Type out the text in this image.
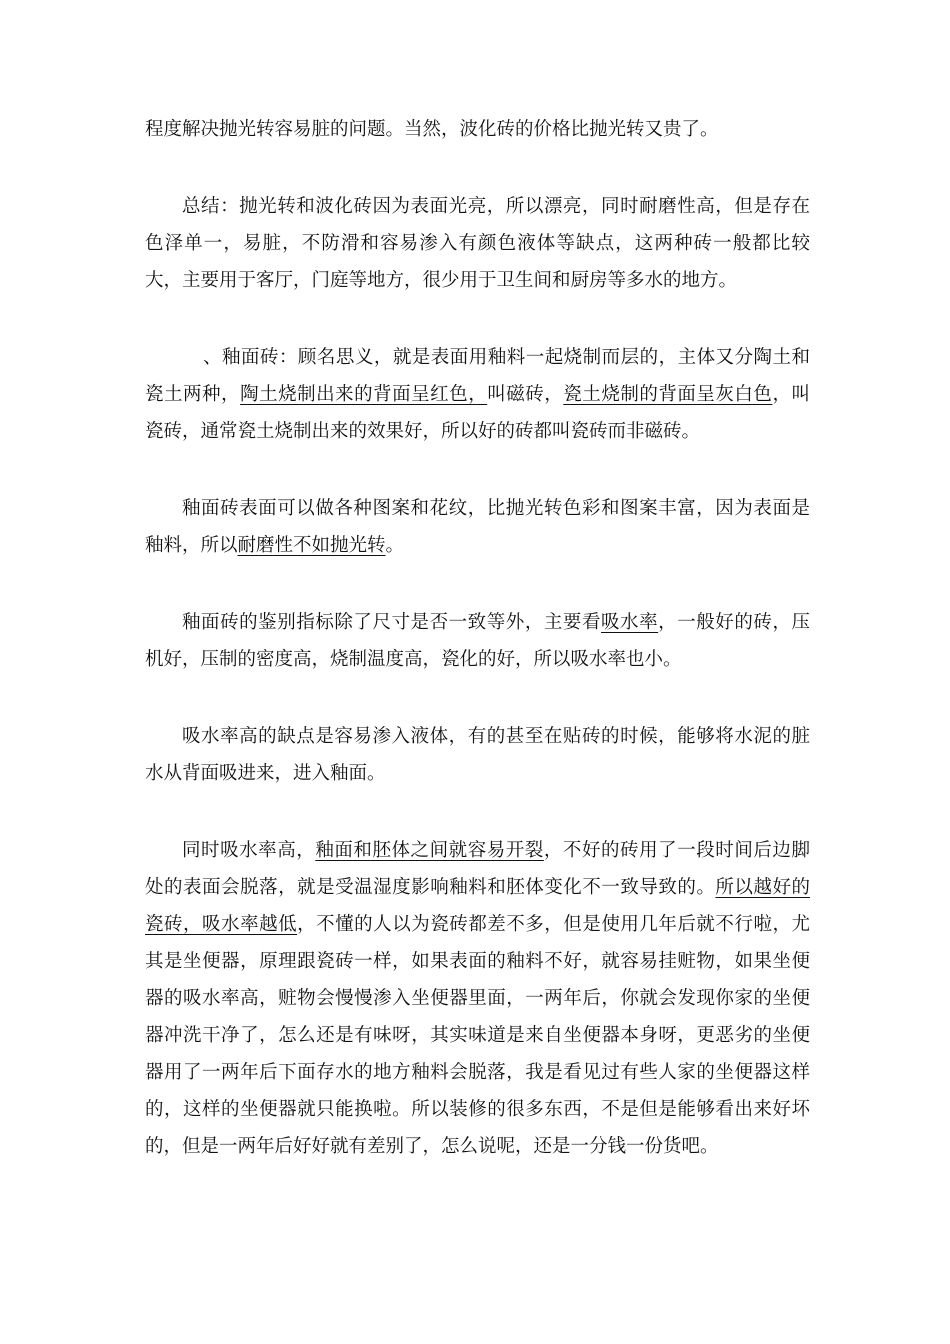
程度解决抛光转容易脏的问题。当然，波化砖的价格比抛光转又贵了。

总结：抛光转和波化砖因为表面光亮，所以漂亮，同时耐磨性高，但是存在色泽单一，易脏，不防滑和容易渗入有颜色液体等缺点，这两种砖一般都比较大，主要用于客厅，门庭等地方，很少用于卫生间和厨房等多水的地方。

、釉面砖：顾名思义，就是表面用釉料一起烧制而层的，主体又分陶土和瓷土两种，陶土烧制出来的背面呈红色，叫磁砖，瓷土烧制的背面呈灰白色，叫瓷砖，通常瓷土烧制出来的效果好，所以好的砖都叫瓷砖而非磁砖。

釉面砖表面可以做各种图案和花纹，比抛光转色彩和图案丰富，因为表面是釉料，所以耐磨性不如抛光转。

釉面砖的鉴别指标除了尺寸是否一致等外，主要看吸水率，一般好的砖，压机好，压制的密度高，烧制温度高，瓷化的好，所以吸水率也小。

吸水率高的缺点是容易渗入液体，有的甚至在贴砖的时候，能够将水泥的脏水从背面吸进来，进入釉面。

同时吸水率高，釉面和胚体之间就容易开裂，不好的砖用了一段时间后边脚处的表面会脱落，就是受温湿度影响釉料和胚体变化不一致导致的。所以越好的瓷砖，吸水率越低，不懂的人以为瓷砖都差不多，但是使用几年后就不行啦，尤其是坐便器，原理跟瓷砖一样，如果表面的釉料不好，就容易挂赃物，如果坐便器的吸水率高，赃物会慢慢渗入坐便器里面，一两年后，你就会发现你家的坐便器冲洗干净了，怎么还是有味呀，其实味道是来自坐便器本身呀，更恶劣的坐便器用了一两年后下面存水的地方釉料会脱落，我是看见过有些人家的坐便器这样的，这样的坐便器就只能换啦。所以装修的很多东西，不是但是能够看出来好坏的，但是一两年后好好就有差别了，怎么说呢，还是一分钱一份货吧。
